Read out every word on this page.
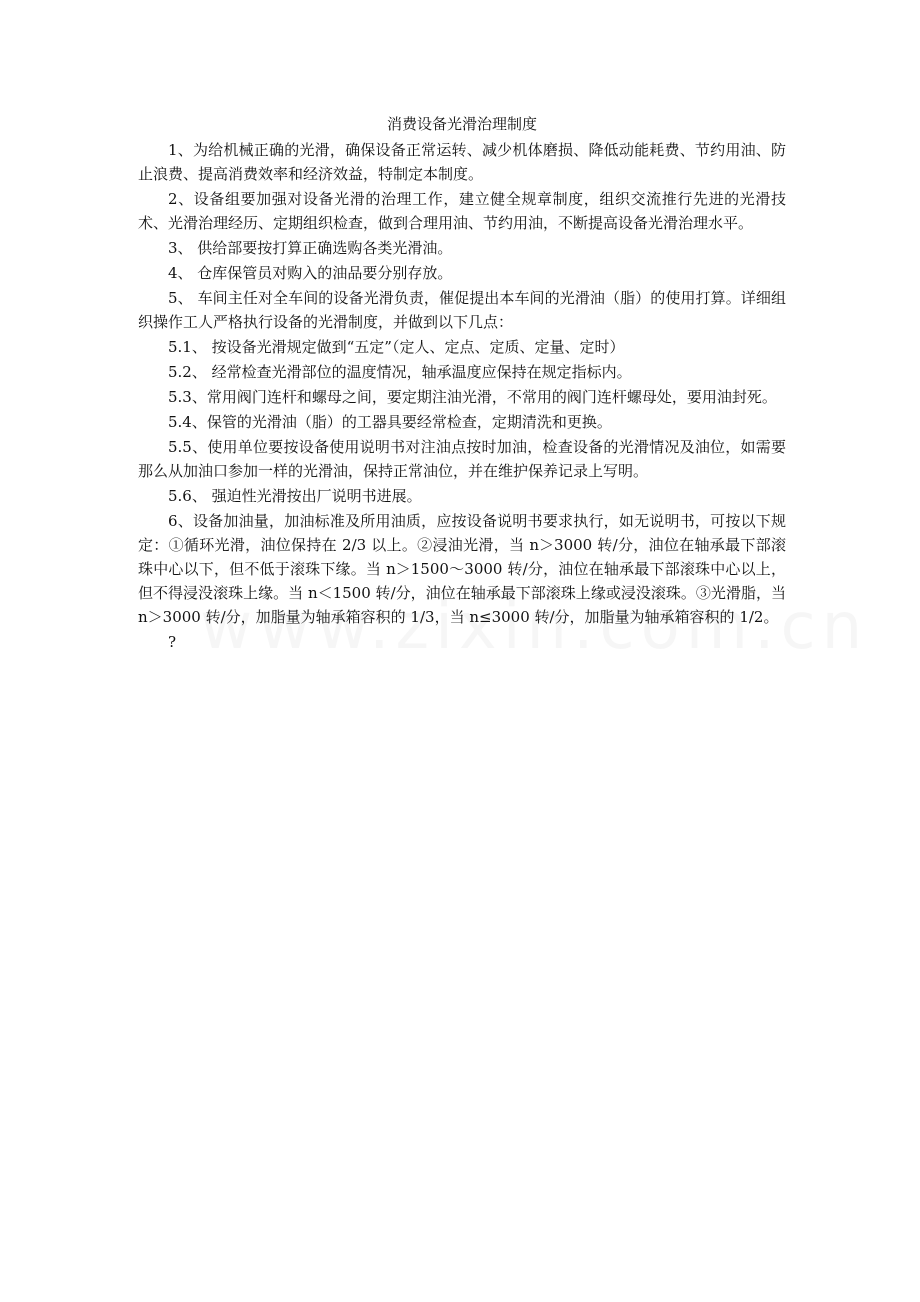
消费设备光滑治理制度

1、为给机械正确的光滑，确保设备正常运转、减少机体磨损、降低动能耗费、节约用油、防止浪费、提高消费效率和经济效益，特制定本制度。

2、设备组要加强对设备光滑的治理工作，建立健全规章制度，组织交流推行先进的光滑技术、光滑治理经历、定期组织检查，做到合理用油、节约用油，不断提高设备光滑治理水平。

3、 供给部要按打算正确选购各类光滑油。

4、 仓库保管员对购入的油品要分别存放。

5、 车间主任对全车间的设备光滑负责，催促提出本车间的光滑油（脂）的使用打算。详细组织操作工人严格执行设备的光滑制度，并做到以下几点：

5.1、 按设备光滑规定做到“五定”（定人、定点、定质、定量、定时）

5.2、 经常检查光滑部位的温度情况，轴承温度应保持在规定指标内。

5.3、常用阀门连杆和螺母之间，要定期注油光滑，不常用的阀门连杆螺母处，要用油封死。

5.4、保管的光滑油（脂）的工器具要经常检查，定期清洗和更换。

5.5、使用单位要按设备使用说明书对注油点按时加油，检查设备的光滑情况及油位，如需要那么从加油口参加一样的光滑油，保持正常油位，并在维护保养记录上写明。

5.6、 强迫性光滑按出厂说明书进展。

6、设备加油量，加油标准及所用油质，应按设备说明书要求执行，如无说明书，可按以下规定：①循环光滑，油位保持在 2/3 以上。②浸油光滑，当 n＞3000 转/分，油位在轴承最下部滚珠中心以下，但不低于滚珠下缘。当 n＞1500～3000 转/分，油位在轴承最下部滚珠中心以上，但不得浸没滚珠上缘。当 n＜1500 转/分，油位在轴承最下部滚珠上缘或浸没滚珠。③光滑脂，当 n＞3000 转/分，加脂量为轴承箱容积的 1/3，当 n≤3000 转/分，加脂量为轴承箱容积的 1/2。

?
